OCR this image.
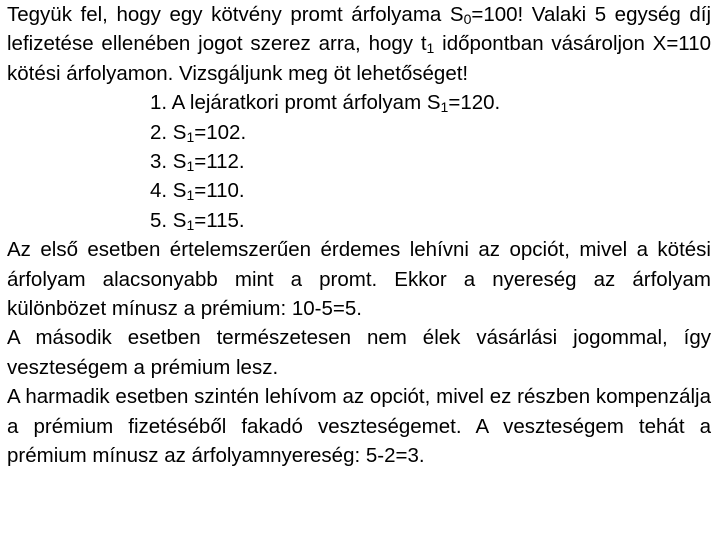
Tegyük fel, hogy egy kötvény promt árfolyama $S_0=100$! Valaki 5 egység díj lefizetése ellenében jogot szerez arra, hogy $t_1$ időpontban vásároljon X=110 kötési árfolyamon. Vizsgáljunk meg öt lehetőséget!

1. A lejáratkori promt árfolyam $S_1=120$.
2. $S_1=102$.
3. $S_1=112$.
4. $S_1=110$.
5. $S_1=115$.

Az első esetben értelemszerűen érdemes lehívni az opciót, mivel a kötési árfolyam alacsonyabb mint a promt. Ekkor a nyereség az árfolyam különbözet mínusz a prémium: 10-5=5.

A második esetben természetesen nem élek vásárlási jogommal, így veszteségem a prémium lesz.

A harmadik esetben szintén lehívom az opciót, mivel ez részben kompenzálja a prémium fizetéséből fakadó veszteségemet. A veszteségem tehát a prémium mínusz az árfolyamnyereség: 5-2=3.
